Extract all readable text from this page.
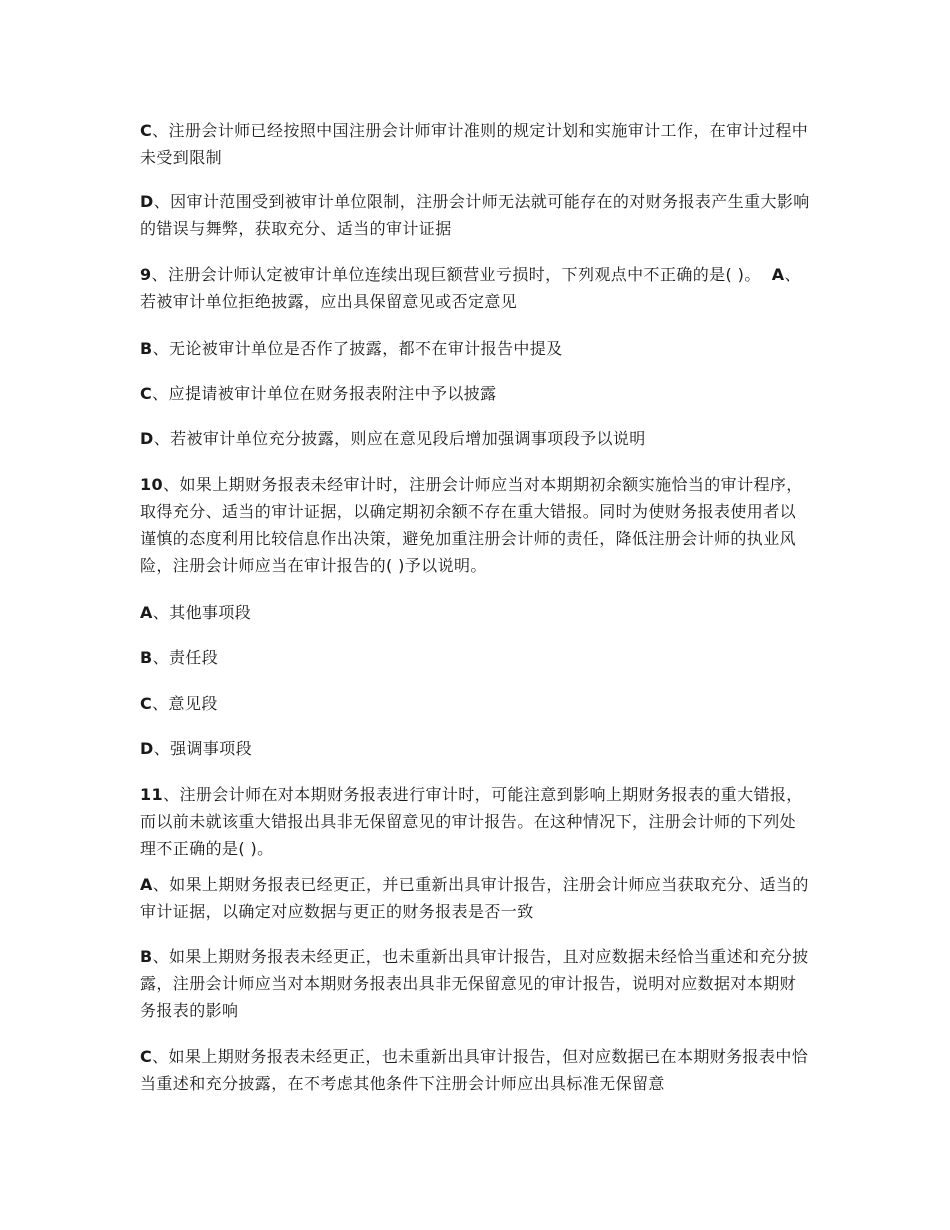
C、注册会计师已经按照中国注册会计师审计准则的规定计划和实施审计工作，在审计过程中未受到限制

D、因审计范围受到被审计单位限制，注册会计师无法就可能存在的对财务报表产生重大影响的错误与舞弊，获取充分、适当的审计证据

9、注册会计师认定被审计单位连续出现巨额营业亏损时，下列观点中不正确的是( )。  A、若被审计单位拒绝披露，应出具保留意见或否定意见

B、无论被审计单位是否作了披露，都不在审计报告中提及

C、应提请被审计单位在财务报表附注中予以披露

D、若被审计单位充分披露，则应在意见段后增加强调事项段予以说明

10、如果上期财务报表未经审计时，注册会计师应当对本期期初余额实施恰当的审计程序，取得充分、适当的审计证据，以确定期初余额不存在重大错报。同时为使财务报表使用者以谨慎的态度利用比较信息作出决策，避免加重注册会计师的责任，降低注册会计师的执业风险，注册会计师应当在审计报告的( )予以说明。

A、其他事项段

B、责任段

C、意见段

D、强调事项段

11、注册会计师在对本期财务报表进行审计时，可能注意到影响上期财务报表的重大错报，而以前未就该重大错报出具非无保留意见的审计报告。在这种情况下，注册会计师的下列处理不正确的是( )。

A、如果上期财务报表已经更正，并已重新出具审计报告，注册会计师应当获取充分、适当的审计证据，以确定对应数据与更正的财务报表是否一致

B、如果上期财务报表未经更正，也未重新出具审计报告，且对应数据未经恰当重述和充分披露，注册会计师应当对本期财务报表出具非无保留意见的审计报告，说明对应数据对本期财务报表的影响

C、如果上期财务报表未经更正，也未重新出具审计报告，但对应数据已在本期财务报表中恰当重述和充分披露，在不考虑其他条件下注册会计师应出具标准无保留意
